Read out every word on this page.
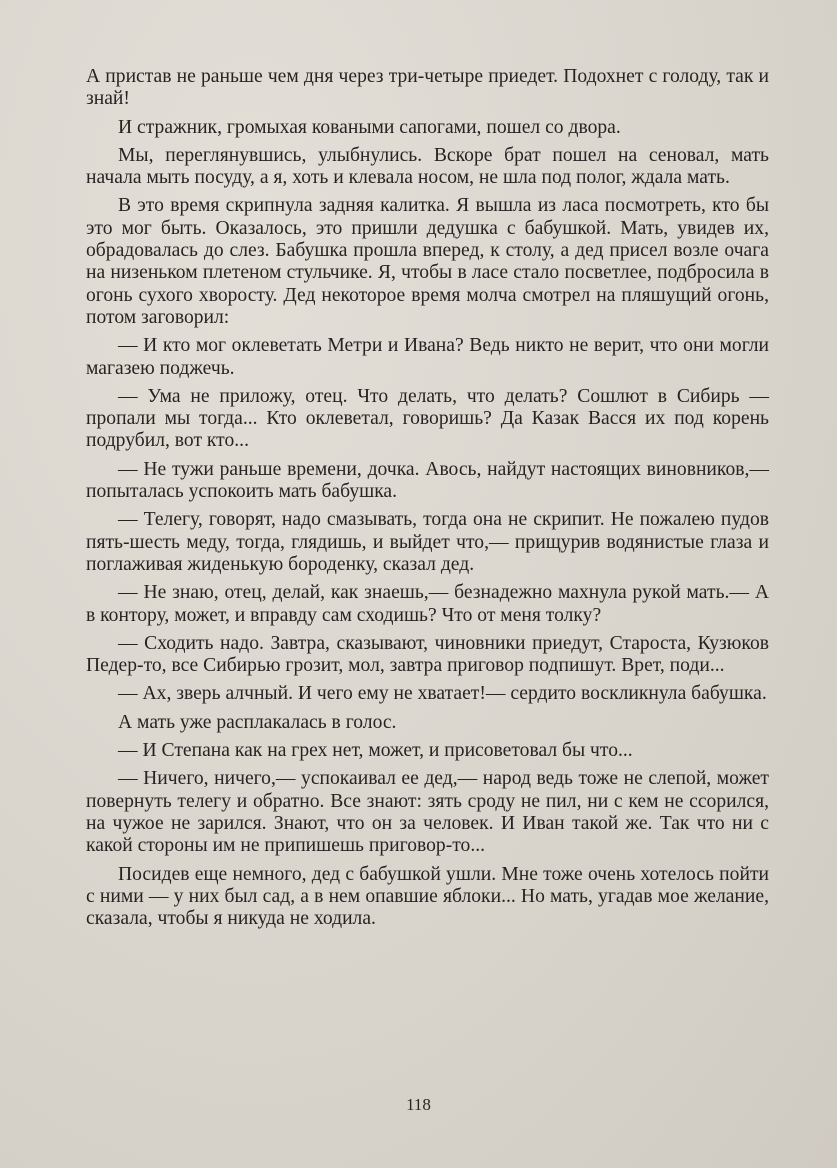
А пристав не раньше чем дня через три-четыре приедет. Подохнет с голоду, так и знай!

И стражник, громыхая коваными сапогами, пошел со двора.

Мы, переглянувшись, улыбнулись. Вскоре брат пошел на сеновал, мать начала мыть посуду, а я, хоть и клевала носом, не шла под полог, ждала мать.

В это время скрипнула задняя калитка. Я вышла из ласа посмотреть, кто бы это мог быть. Оказалось, это пришли дедушка с бабушкой. Мать, увидев их, обрадовалась до слез. Бабушка прошла вперед, к столу, а дед присел возле очага на низеньком плетеном стульчике. Я, чтобы в ласе стало посветлее, подбросила в огонь сухого хворосту. Дед некоторое время молча смотрел на пляшущий огонь, потом заговорил:

— И кто мог оклеветать Метри и Ивана? Ведь никто не верит, что они могли магазею поджечь.

— Ума не приложу, отец. Что делать, что делать? Сошлют в Сибирь — пропали мы тогда... Кто оклеветал, говоришь? Да Казак Васся их под корень подрубил, вот кто...

— Не тужи раньше времени, дочка. Авось, найдут настоящих виновников,— попыталась успокоить мать бабушка.

— Телегу, говорят, надо смазывать, тогда она не скрипит. Не пожалею пудов пять-шесть меду, тогда, глядишь, и выйдет что,— прищурив водянистые глаза и поглаживая жиденькую бороденку, сказал дед.

— Не знаю, отец, делай, как знаешь,— безнадежно махнула рукой мать.— А в контору, может, и вправду сам сходишь? Что от меня толку?

— Сходить надо. Завтра, сказывают, чиновники приедут, Староста, Кузюков Педер-то, все Сибирью грозит, мол, завтра приговор подпишут. Врет, поди...

— Ах, зверь алчный. И чего ему не хватает!— сердито воскликнула бабушка.

А мать уже расплакалась в голос.

— И Степана как на грех нет, может, и присоветовал бы что...

— Ничего, ничего,— успокаивал ее дед,— народ ведь тоже не слепой, может повернуть телегу и обратно. Все знают: зять сроду не пил, ни с кем не ссорился, на чужое не зарился. Знают, что он за человек. И Иван такой же. Так что ни с какой стороны им не припишешь приговор-то...

Посидев еще немного, дед с бабушкой ушли. Мне тоже очень хотелось пойти с ними — у них был сад, а в нем опавшие яблоки... Но мать, угадав мое желание, сказала, чтобы я никуда не ходила.

118
